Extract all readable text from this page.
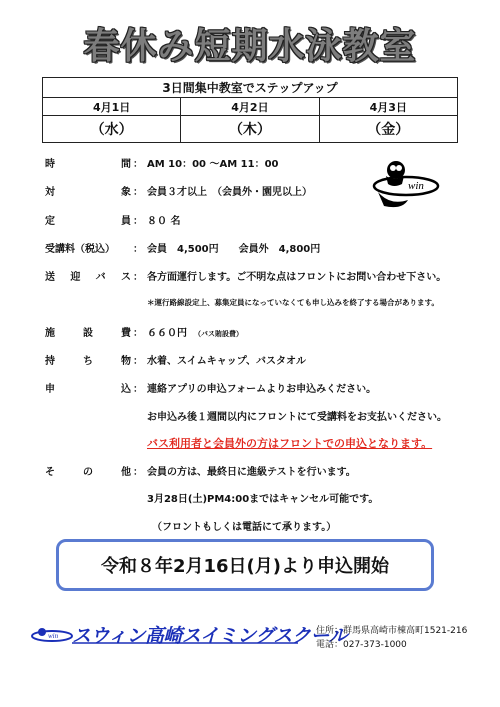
春休み短期水泳教室
3日間集中教室でステップアップ		
4月1日	4月2日	4月3日
（水）	（木）	（金）
時	間 ： AM 10：00 ～AM 11：00
対	象 ： 会員３才以上　（会員外・園児以上）
定	員 ： ８０ 名
受講料（税込） ： 会員　4,500円　　会員外　4,800円
送 迎 バ ス ： 各方面運行します。ご不明な点はフロントにお問い合わせ下さい。
＊運行路線設定上、募集定員になっていなくても申し込みを終了する場合があります。
施	設	費 ： ６６０円 （バス賄設費）
持	ち	物 ： 水着、スイムキャップ、バスタオル
申	込 ： 連絡アプリの申込フォームよりお申込みください。
お申込み後１週間以内にフロントにて受講料をお支払いください。
バス利用者と会員外の方はフロントでの申込となります。
そ	の	他 ： 会員の方は、最終日に進級テストを行います。
3月28日(土)PM4:00まではキャンセル可能です。
（フロントもしくは電話にて承ります。）
win
令和８年2月16日(月)より申込開始
win スウィン高崎スイミングスクール
住所：群馬県高崎市棟高町1521-216
電話：027-373-1000
